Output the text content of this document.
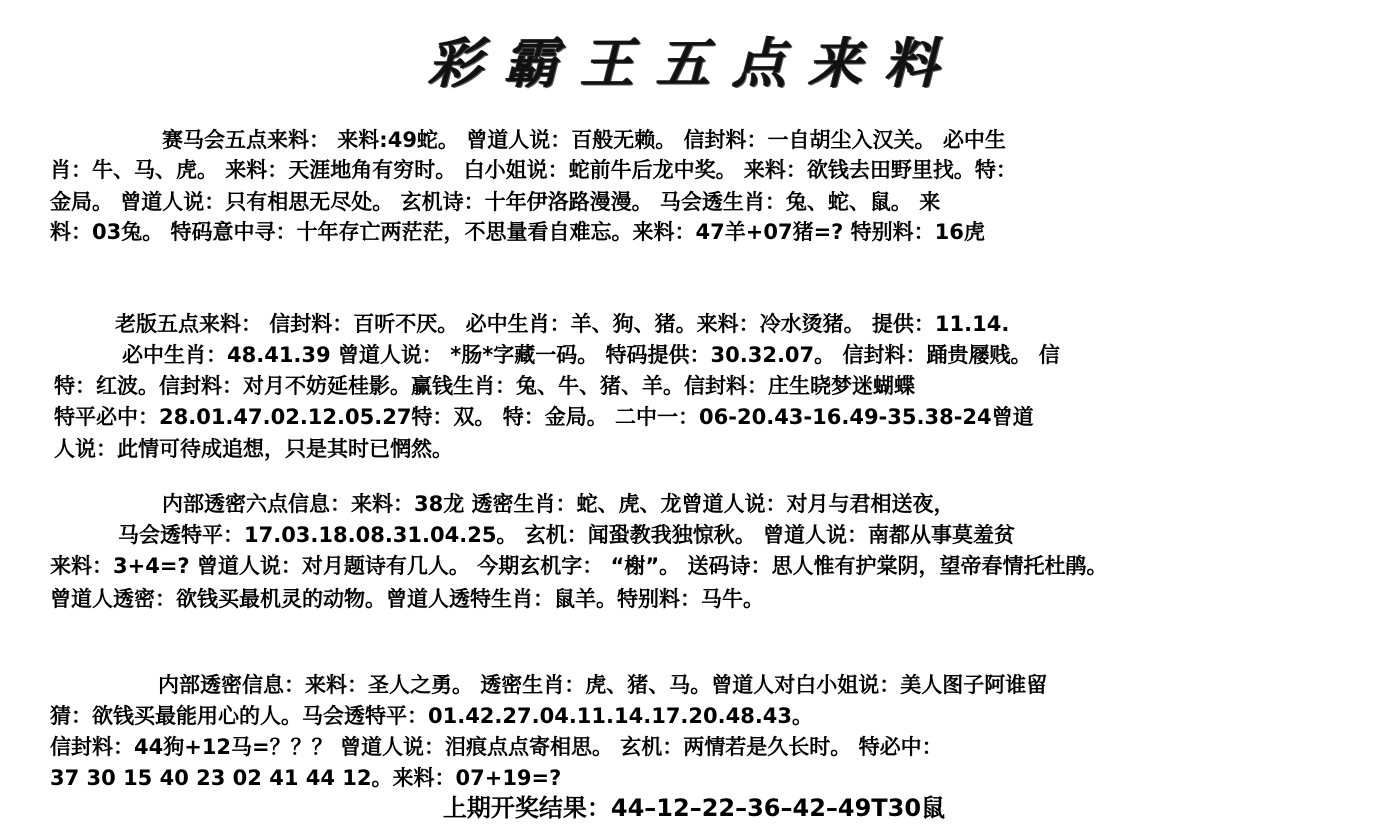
彩霸王五点来料
赛马会五点来料： 来料:49蛇。 曾道人说：百般无赖。 信封料：一自胡尘入汉关。 必中生
肖：牛、马、虎。 来料：天涯地角有穷时。 白小姐说：蛇前牛后龙中奖。 来料：欲钱去田野里找。特：
金局。 曾道人说：只有相思无尽处。 玄机诗：十年伊洛路漫漫。 马会透生肖：兔、蛇、鼠。 来
料：03兔。 特码意中寻：十年存亡两茫茫，不思量看自难忘。来料：47羊+07猪=? 特别料：16虎
老版五点来料： 信封料：百听不厌。 必中生肖：羊、狗、猪。来料：冷水烫猪。 提供：11.14.
必中生肖：48.41.39 曾道人说： *肠*字藏一码。 特码提供：30.32.07。 信封料：踊贵屦贱。 信
特：红波。信封料：对月不妨延桂影。赢钱生肖：兔、牛、猪、羊。信封料：庄生晓梦迷蝴蝶
特平必中：28.01.47.02.12.05.27特：双。 特：金局。 二中一：06-20.43-16.49-35.38-24曾道
人说：此情可待成追想，只是其时已惘然。
内部透密六点信息：来料：38龙 透密生肖：蛇、虎、龙曾道人说：对月与君相送夜，
马会透特平：17.03.18.08.31.04.25。 玄机：闻蛩教我独惊秋。 曾道人说：南都从事莫羞贫
来料：3+4=? 曾道人说：对月题诗有几人。 今期玄机字： “榭”。 送码诗：思人惟有护棠阴，望帝春情托杜鹃。
曾道人透密：欲钱买最机灵的动物。曾道人透特生肖：鼠羊。特别料：马牛。
内部透密信息：来料：圣人之勇。 透密生肖：虎、猪、马。曾道人对白小姐说：美人图子阿谁留
猜：欲钱买最能用心的人。马会透特平：01.42.27.04.11.14.17.20.48.43。
信封料：44狗+12马=？？？ 曾道人说：泪痕点点寄相思。 玄机：两情若是久长时。 特必中：
37 30 15 40 23 02 41 44 12。来料：07+19=?
上期开奖结果：44–12–22–36–42–49T30鼠
